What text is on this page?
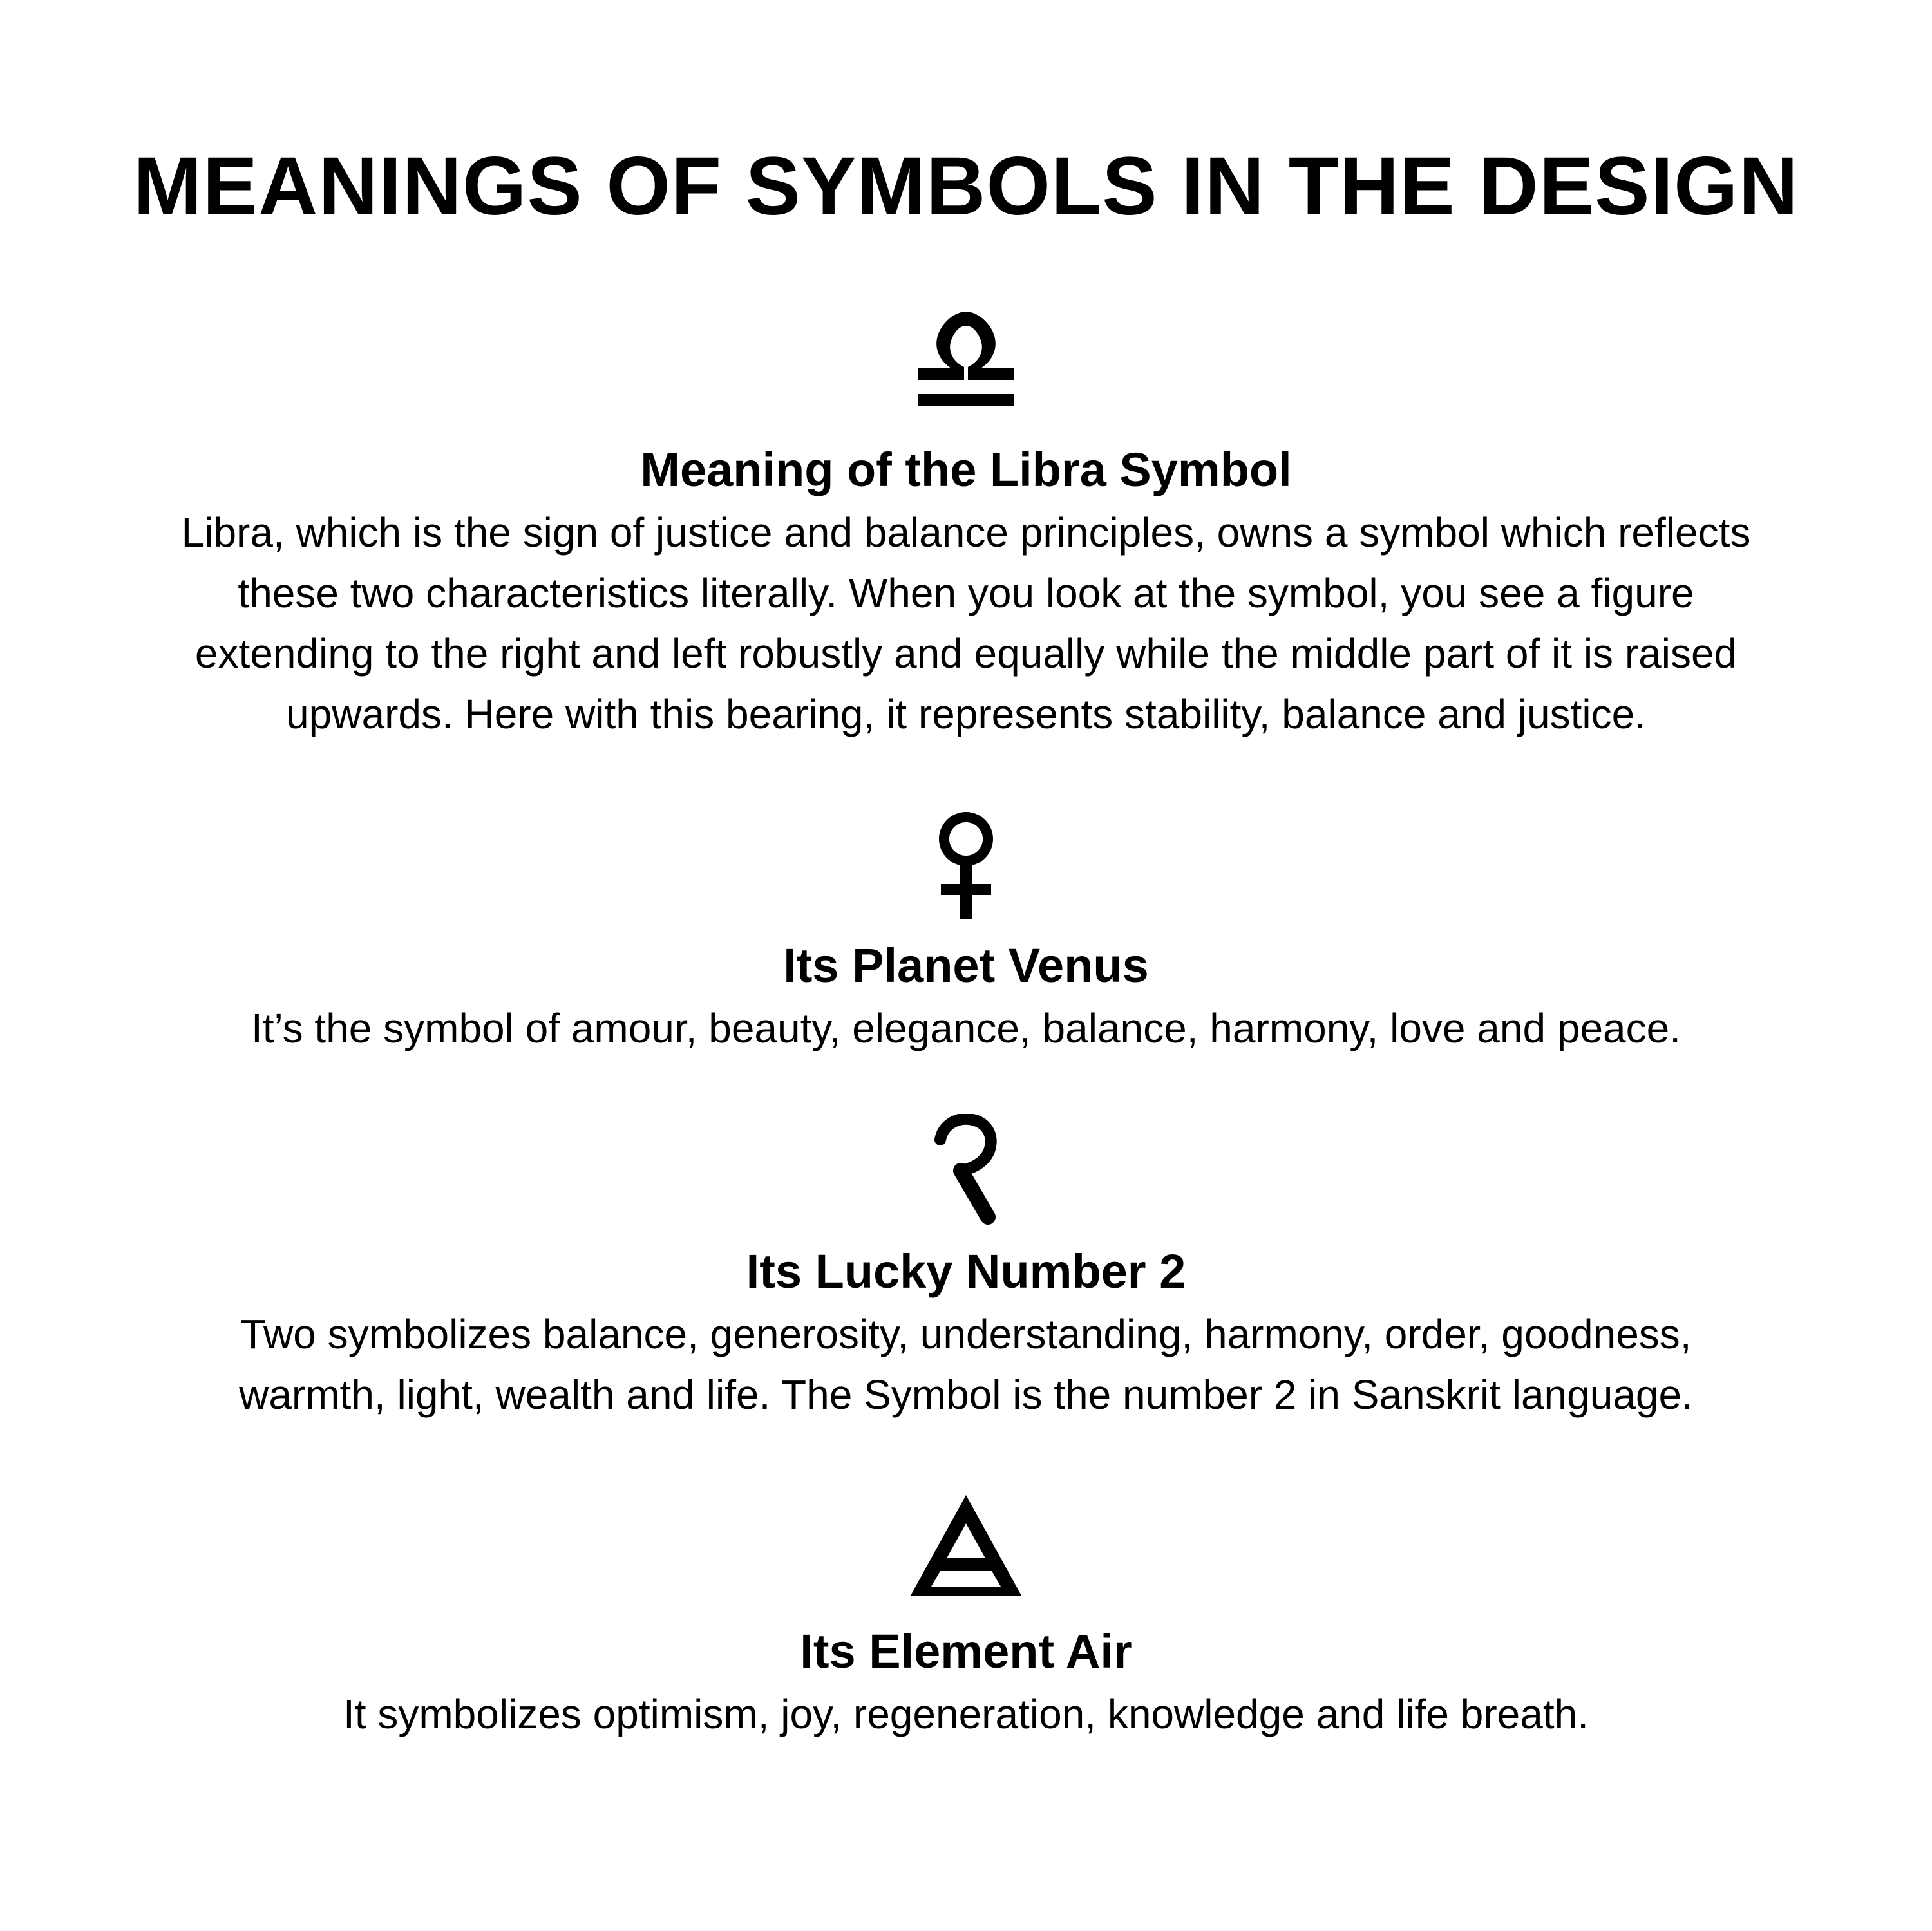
MEANINGS OF SYMBOLS IN THE DESIGN
Meaning of the Libra Symbol

Libra, which is the sign of justice and balance principles, owns a symbol which reflects
these two characteristics literally. When you look at the symbol, you see a figure
extending to the right and left robustly and equally while the middle part of it is raised
upwards. Here with this bearing, it represents stability, balance and justice.

Its Planet Venus

It’s the symbol of amour, beauty, elegance, balance, harmony, love and peace.

Its Lucky Number 2

Two symbolizes balance, generosity, understanding, harmony, order, goodness,
warmth, light, wealth and life. The Symbol is the number 2 in Sanskrit language.

Its Element Air

It symbolizes optimism, joy, regeneration, knowledge and life breath.
